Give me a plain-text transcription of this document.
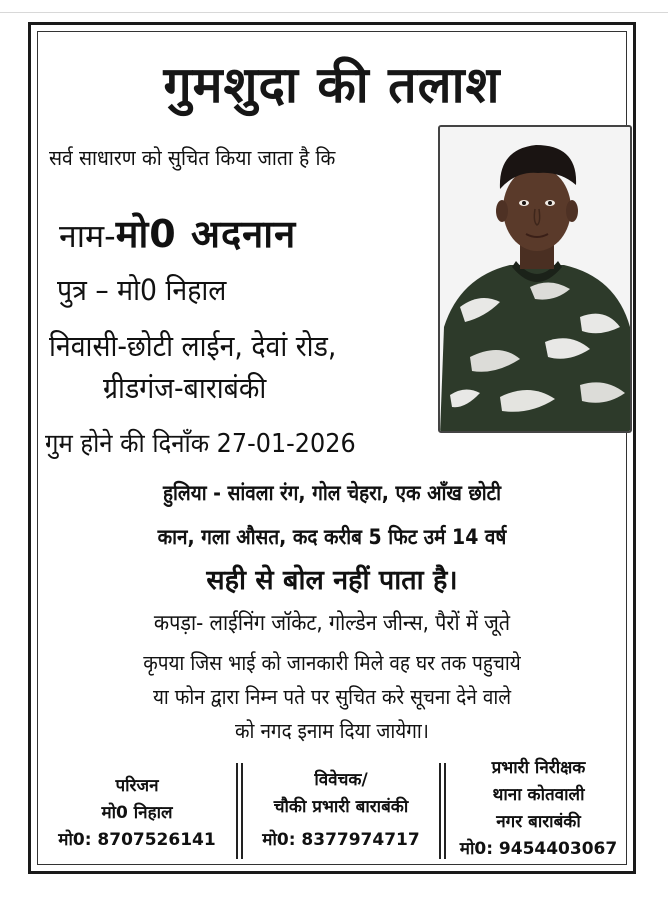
गुमशुदा की तलाश
सर्व साधारण को सुचित किया जाता है कि
नाम-मो0 अदनान
पुत्र – मो0 निहाल
निवासी-छोटी लाईन, देवां रोड,
ग्रीडगंज-बाराबंकी
गुम होने की दिनाँक 27-01-2026
हुलिया - सांवला रंग, गोल चेहरा, एक आँख छोटी
कान, गला औसत, कद करीब 5 फिट उर्म 14 वर्ष
सही से बोल नहीं पाता है।
कपड़ा- लाईनिंग जॉकेट, गोल्डेन जीन्स, पैरों में जूते
कृपया जिस भाई को जानकारी मिले वह घर तक पहुचाये
या फोन द्वारा निम्न पते पर सुचित करे सूचना देने वाले
को नगद इनाम दिया जायेगा।
परिजन
मो0 निहाल
मो0: 8707526141
विवेचक/
चौकी प्रभारी बाराबंकी
मो0: 8377974717
प्रभारी निरीक्षक
थाना कोतवाली
नगर बाराबंकी
मो0: 9454403067
